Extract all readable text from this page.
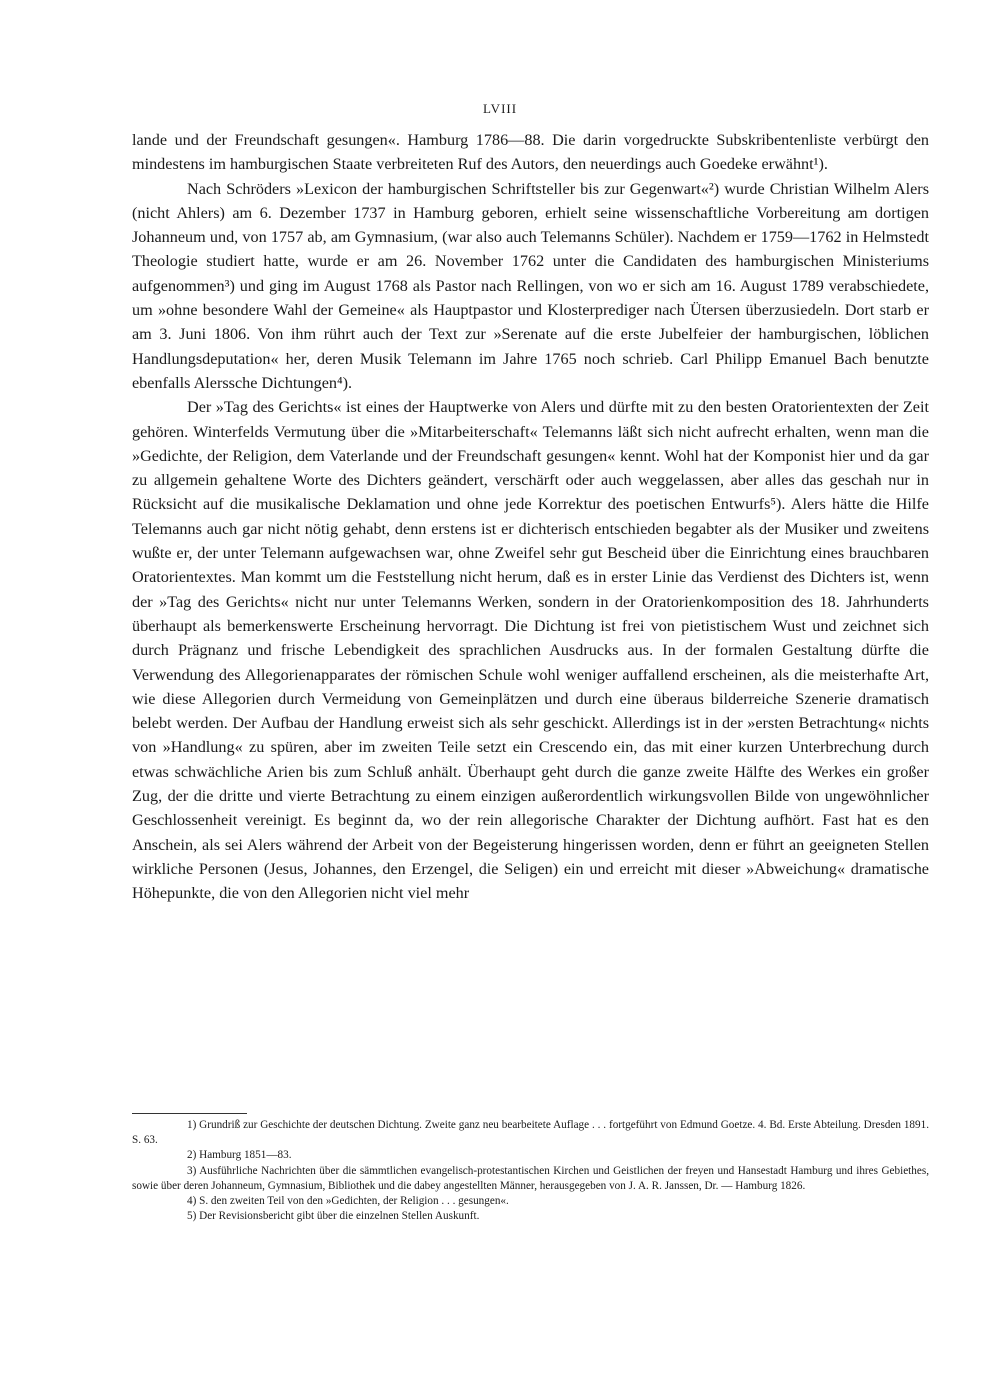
LVIII

lande und der Freundschaft gesungen«. Hamburg 1786—88. Die darin vorgedruckte Subskribentenliste verbürgt den mindestens im hamburgischen Staate verbreiteten Ruf des Autors, den neuerdings auch Goedeke erwähnt¹).

Nach Schröders »Lexicon der hamburgischen Schriftsteller bis zur Gegenwart«²) wurde Christian Wilhelm Alers (nicht Ahlers) am 6. Dezember 1737 in Hamburg geboren, erhielt seine wissenschaftliche Vorbereitung am dortigen Johanneum und, von 1757 ab, am Gymnasium, (war also auch Telemanns Schüler). Nachdem er 1759—1762 in Helmstedt Theologie studiert hatte, wurde er am 26. November 1762 unter die Candidaten des hamburgischen Ministeriums aufgenommen³) und ging im August 1768 als Pastor nach Rellingen, von wo er sich am 16. August 1789 verabschiedete, um »ohne besondere Wahl der Gemeine« als Hauptpastor und Klosterprediger nach Ütersen überzusiedeln. Dort starb er am 3. Juni 1806. Von ihm rührt auch der Text zur »Serenate auf die erste Jubelfeier der hamburgischen, löblichen Handlungsdeputation« her, deren Musik Telemann im Jahre 1765 noch schrieb. Carl Philipp Emanuel Bach benutzte ebenfalls Alerssche Dichtungen⁴).

Der »Tag des Gerichts« ist eines der Hauptwerke von Alers und dürfte mit zu den besten Oratorientexten der Zeit gehören. Winterfelds Vermutung über die »Mitarbeiterschaft« Telemanns läßt sich nicht aufrecht erhalten, wenn man die »Gedichte, der Religion, dem Vaterlande und der Freundschaft gesungen« kennt. Wohl hat der Komponist hier und da gar zu allgemein gehaltene Worte des Dichters geändert, verschärft oder auch weggelassen, aber alles das geschah nur in Rücksicht auf die musikalische Deklamation und ohne jede Korrektur des poetischen Entwurfs⁵). Alers hätte die Hilfe Telemanns auch gar nicht nötig gehabt, denn erstens ist er dichterisch entschieden begabter als der Musiker und zweitens wußte er, der unter Telemann aufgewachsen war, ohne Zweifel sehr gut Bescheid über die Einrichtung eines brauchbaren Oratorientextes. Man kommt um die Feststellung nicht herum, daß es in erster Linie das Verdienst des Dichters ist, wenn der »Tag des Gerichts« nicht nur unter Telemanns Werken, sondern in der Oratorienkomposition des 18. Jahrhunderts überhaupt als bemerkenswerte Erscheinung hervorragt. Die Dichtung ist frei von pietistischem Wust und zeichnet sich durch Prägnanz und frische Lebendigkeit des sprachlichen Ausdrucks aus. In der formalen Gestaltung dürfte die Verwendung des Allegorienapparates der römischen Schule wohl weniger auffallend erscheinen, als die meisterhafte Art, wie diese Allegorien durch Vermeidung von Gemeinplätzen und durch eine überaus bilderreiche Szenerie dramatisch belebt werden. Der Aufbau der Handlung erweist sich als sehr geschickt. Allerdings ist in der »ersten Betrachtung« nichts von »Handlung« zu spüren, aber im zweiten Teile setzt ein Crescendo ein, das mit einer kurzen Unterbrechung durch etwas schwächliche Arien bis zum Schluß anhält. Überhaupt geht durch die ganze zweite Hälfte des Werkes ein großer Zug, der die dritte und vierte Betrachtung zu einem einzigen außerordentlich wirkungsvollen Bilde von ungewöhnlicher Geschlossenheit vereinigt. Es beginnt da, wo der rein allegorische Charakter der Dichtung aufhört. Fast hat es den Anschein, als sei Alers während der Arbeit von der Begeisterung hingerissen worden, denn er führt an geeigneten Stellen wirkliche Personen (Jesus, Johannes, den Erzengel, die Seligen) ein und erreicht mit dieser »Abweichung« dramatische Höhepunkte, die von den Allegorien nicht viel mehr

1) Grundriß zur Geschichte der deutschen Dichtung. Zweite ganz neu bearbeitete Auflage . . . fortgeführt von Edmund Goetze. 4. Bd. Erste Abteilung. Dresden 1891. S. 63.

2) Hamburg 1851—83.

3) Ausführliche Nachrichten über die sämmtlichen evangelisch-protestantischen Kirchen und Geistlichen der freyen und Hansestadt Hamburg und ihres Gebiethes, sowie über deren Johanneum, Gymnasium, Bibliothek und die dabey angestellten Männer, herausgegeben von J. A. R. Janssen, Dr. — Hamburg 1826.

4) S. den zweiten Teil von den »Gedichten, der Religion . . . gesungen«.

5) Der Revisionsbericht gibt über die einzelnen Stellen Auskunft.
